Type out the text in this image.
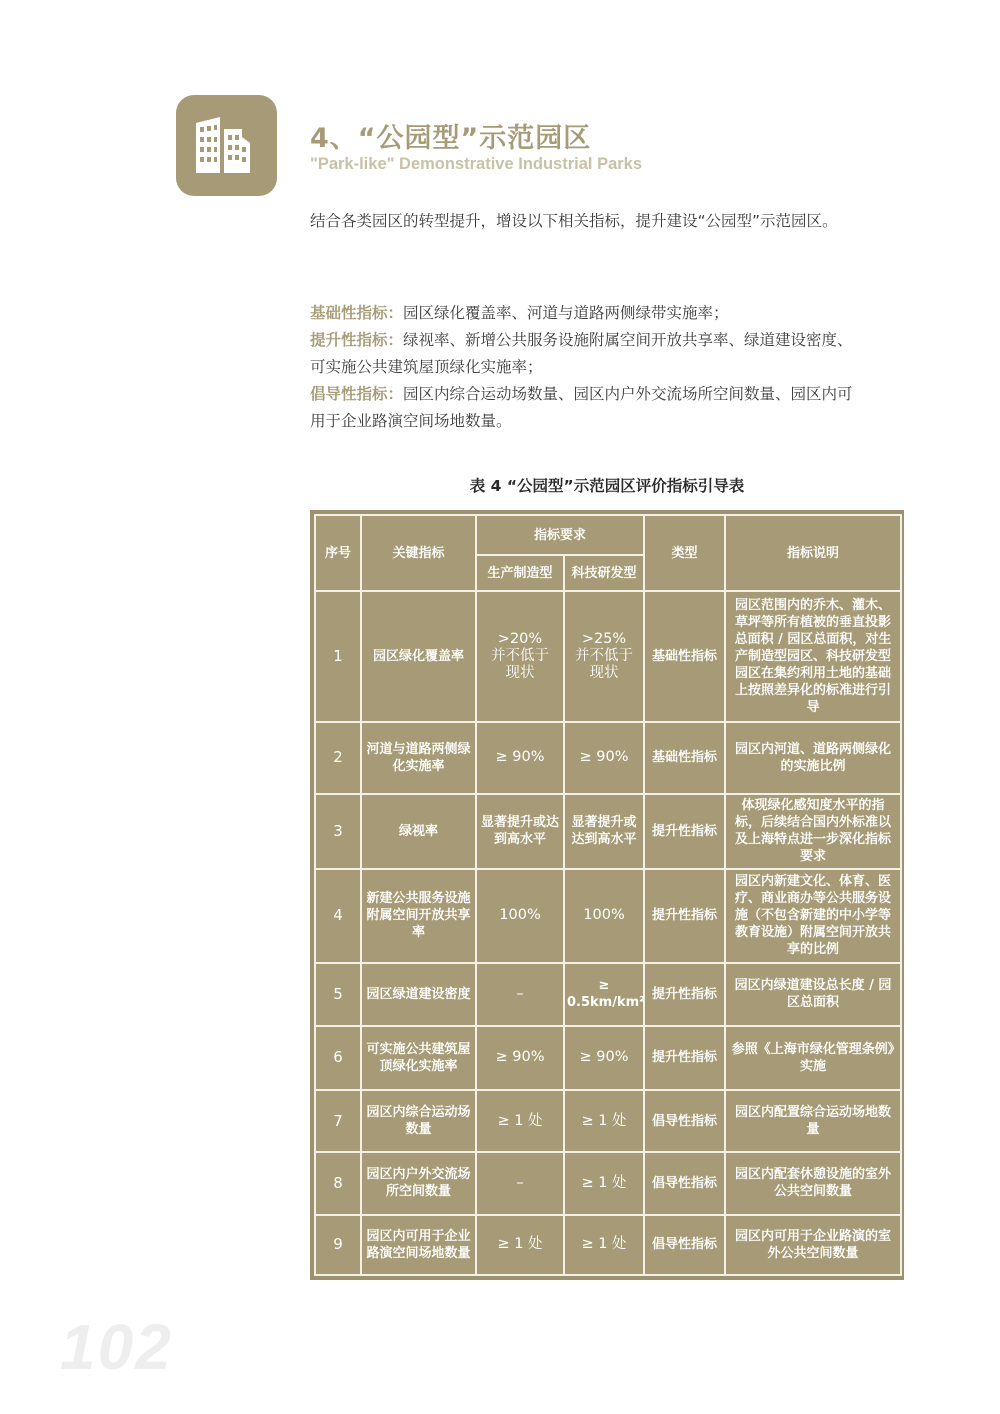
4、“公园型”示范园区
"Park-like" Demonstrative Industrial Parks
结合各类园区的转型提升，增设以下相关指标，提升建设“公园型”示范园区。
基础性指标：园区绿化覆盖率、河道与道路两侧绿带实施率；
提升性指标：绿视率、新增公共服务设施附属空间开放共享率、绿道建设密度、
可实施公共建筑屋顶绿化实施率；
倡导性指标：园区内综合运动场数量、园区内户外交流场所空间数量、园区内可
用于企业路演空间场地数量。
表 4 “公园型”示范园区评价指标引导表
序号	关键指标	指标要求		类型	指标说明
		生产制造型	科技研发型		
1	园区绿化覆盖率	>20%
并不低于
现状	>25%
并不低于
现状	基础性指标	园区范围内的乔木、灌木、草坪等所有植被的垂直投影总面积 / 园区总面积，对生产制造型园区、科技研发型园区在集约利用土地的基础上按照差异化的标准进行引导
2	河道与道路两侧绿化实施率	≥ 90%	≥ 90%	基础性指标	园区内河道、道路两侧绿化的实施比例
3	绿视率	显著提升或达到高水平	显著提升或达到高水平	提升性指标	体现绿化感知度水平的指标，后续结合国内外标准以及上海特点进一步深化指标要求
4	新建公共服务设施附属空间开放共享率	100%	100%	提升性指标	园区内新建文化、体育、医疗、商业商办等公共服务设施（不包含新建的中小学等教育设施）附属空间开放共享的比例
5	园区绿道建设密度	–	≥ 0.5km/km²	提升性指标	园区内绿道建设总长度 / 园区总面积
6	可实施公共建筑屋顶绿化实施率	≥ 90%	≥ 90%	提升性指标	参照《上海市绿化管理条例》实施
7	园区内综合运动场数量	≥ 1 处	≥ 1 处	倡导性指标	园区内配置综合运动场地数量
8	园区内户外交流场所空间数量	–	≥ 1 处	倡导性指标	园区内配套休憩设施的室外公共空间数量
9	园区内可用于企业路演空间场地数量	≥ 1 处	≥ 1 处	倡导性指标	园区内可用于企业路演的室外公共空间数量
102
